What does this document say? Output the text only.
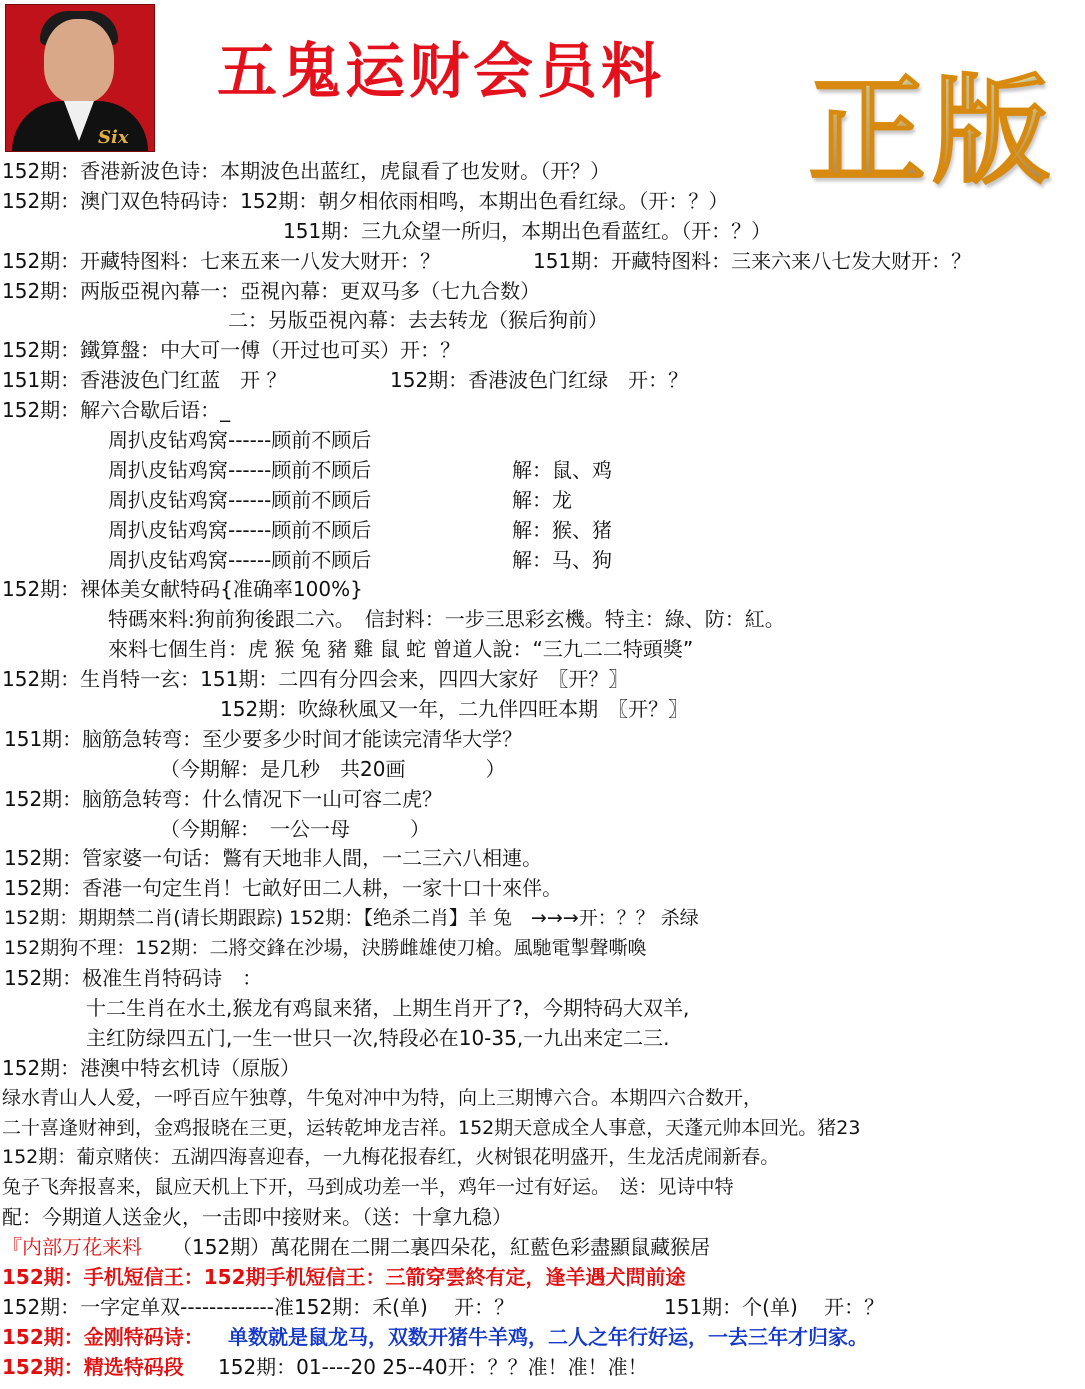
Six
五鬼运财会员料 正版
152期：香港新波色诗：本期波色出蓝红，虎鼠看了也发财。（开？）
152期：澳门双色特码诗：152期：朝夕相依雨相鸣，本期出色看红绿。（开：？）
151期：三九众望一所归，本期出色看蓝红。（开：？）
152期：开藏特图料：七来五来一八发大财开：？	151期：开藏特图料：三来六来八七发大财开：？
152期：两版亞視內幕一：亞視內幕：更双马多（七九合数）
二：另版亞視內幕：去去转龙（猴后狗前）
152期：鐵算盤：中大可一傅（开过也可买）开：？
151期：香港波色门红蓝　开 ？	152期：香港波色门红绿　开：？
152期：解六合歇后语：_
周扒皮钻鸡窝------顾前不顾后
周扒皮钻鸡窝------顾前不顾后	解：鼠、鸡
周扒皮钻鸡窝------顾前不顾后	解：龙
周扒皮钻鸡窝------顾前不顾后	解：猴、猪
周扒皮钻鸡窝------顾前不顾后	解：马、狗
152期：裸体美女献特码{准确率100%}
特碼來料:狗前狗後跟二六。　信封料：一步三思彩玄機。特主：綠、防：紅。
來料七個生肖：虎 猴 兔 豬 雞 鼠 蛇 曾道人說：“三九二二特頭獎”
152期：生肖特一玄：151期：二四有分四会来，四四大家好　〖开？〗
152期：吹綠秋風又一年，二九伴四旺本期　〖开？〗
151期：脑筋急转弯：至少要多少时间才能读完清华大学？
（今期解：是几秒　共20画　　　　）
152期：脑筋急转弯：什么情况下一山可容二虎？
（今期解：　一公一母　　　）
152期：管家婆一句话：鷩有天地非人間，一二三六八相連。
152期：香港一句定生肖！七畝好田二人耕，一家十口十來伴。
152期：期期禁二肖(请长期跟踪) 152期：【绝杀二肖】羊 兔　→→→开：？？ 杀绿
152期狗不理：152期：二將交鋒在沙場，決勝雌雄使刀槍。風馳電掣聲嘶喚
152期：极准生肖特码诗　：
十二生肖在水土,猴龙有鸡鼠来猪，上期生肖开了?，今期特码大双羊,
主红防绿四五门,一生一世只一次,特段必在10-35,一九出来定二三.
152期：港澳中特玄机诗（原版）
绿水青山人人爱，一呼百应午独尊，牛兔对冲中为特，向上三期博六合。本期四六合数开，
二十喜逢财神到，金鸡报晓在三更，运转乾坤龙吉祥。152期天意成全人事意，天蓬元帅本回光。猪23
152期：葡京赌侠：五湖四海喜迎春，一九梅花报春红，火树银花明盛开，生龙活虎闹新春。
兔子飞奔报喜来，鼠应天机上下开，马到成功差一半，鸡年一过有好运。　送：见诗中特
配：今期道人送金火，一击即中接财来。（送：十拿九稳）
『内部万花来料 （152期）萬花開在二開二裏四朵花，紅藍色彩盡顯鼠藏猴居
152期：手机短信王：152期手机短信王：三箭穿雲終有定，逢羊遇犬問前途
152期：一字定单双-------------准152期：禾(单)　 开：？	151期：个(单)　 开：？
152期：金刚特码诗： 单数就是鼠龙马，双数开猪牛羊鸡，二人之年行好运，一去三年才归家。
152期：精选特码段 152期：01----20 25--40开：？？准！准！准！
